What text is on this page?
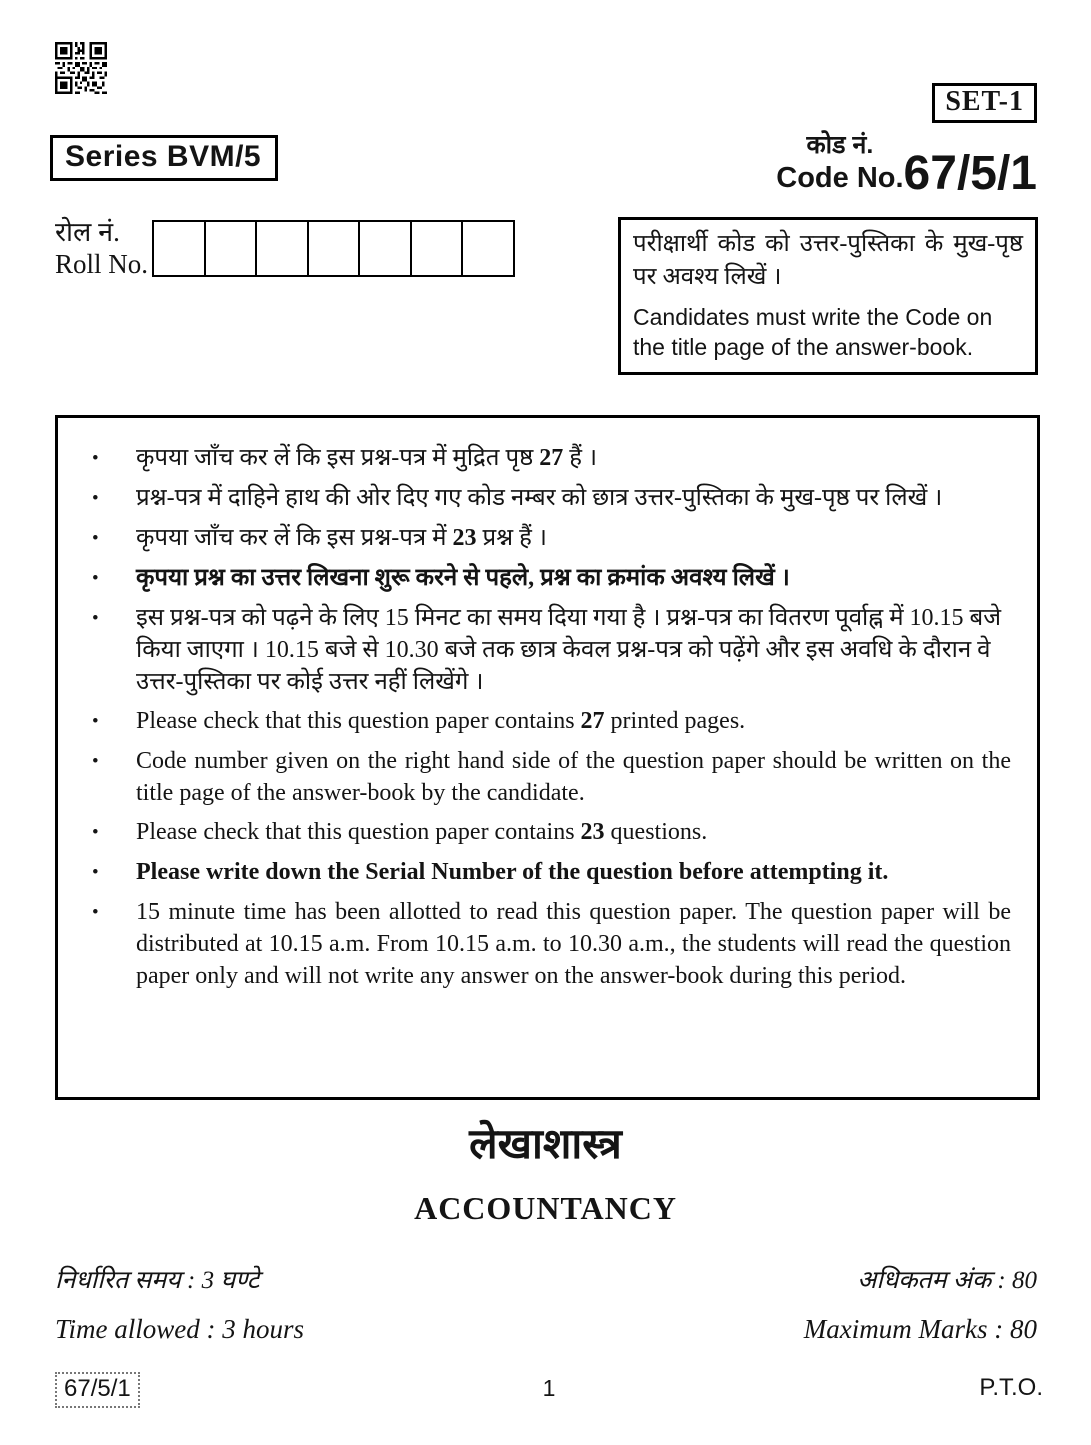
Series BVM/5
SET-1
कोड नं.
Code No. 67/5/1
रोल नं.
Roll No.

परीक्षार्थी कोड को उत्तर-पुस्तिका के मुख-पृष्ठ पर अवश्य लिखें ।

Candidates must write the Code on the title page of the answer-book.

•	कृपया जाँच कर लें कि इस प्रश्न-पत्र में मुद्रित पृष्ठ 27 हैं ।

•	प्रश्न-पत्र में दाहिने हाथ की ओर दिए गए कोड नम्बर को छात्र उत्तर-पुस्तिका के मुख-पृष्ठ पर लिखें ।

•	कृपया जाँच कर लें कि इस प्रश्न-पत्र में 23 प्रश्न हैं ।

•	कृपया प्रश्न का उत्तर लिखना शुरू करने से पहले, प्रश्न का क्रमांक अवश्य लिखें ।

•	इस प्रश्न-पत्र को पढ़ने के लिए 15 मिनट का समय दिया गया है । प्रश्न-पत्र का वितरण पूर्वाह्न में 10.15 बजे किया जाएगा । 10.15 बजे से 10.30 बजे तक छात्र केवल प्रश्न-पत्र को पढ़ेंगे और इस अवधि के दौरान वे उत्तर-पुस्तिका पर कोई उत्तर नहीं लिखेंगे ।

•	Please check that this question paper contains 27 printed pages.

•	Code number given on the right hand side of the question paper should be written on the title page of the answer-book by the candidate.

•	Please check that this question paper contains 23 questions.

•	Please write down the Serial Number of the question before attempting it.

•	15 minute time has been allotted to read this question paper. The question paper will be distributed at 10.15 a.m. From 10.15 a.m. to 10.30 a.m., the students will read the question paper only and will not write any answer on the answer-book during this period.

लेखाशास्त्र
ACCOUNTANCY
निर्धारित समय : 3 घण्टे	अधिकतम अंक : 80
Time allowed : 3 hours	Maximum Marks : 80
67/5/1	1	P.T.O.
